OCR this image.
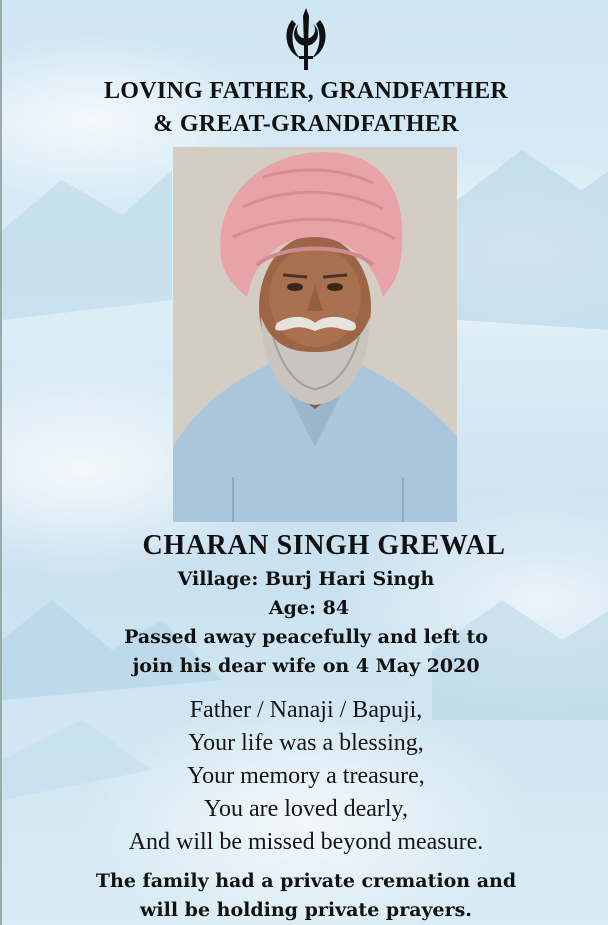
LOVING FATHER, GRANDFATHER
& GREAT-GRANDFATHER
CHARAN SINGH GREWAL
Village: Burj Hari Singh
Age: 84
Passed away peacefully and left to
join his dear wife on 4 May 2020
Father / Nanaji / Bapuji,
Your life was a blessing,
Your memory a treasure,
You are loved dearly,
And will be missed beyond measure.
The family had a private cremation and
will be holding private prayers.
